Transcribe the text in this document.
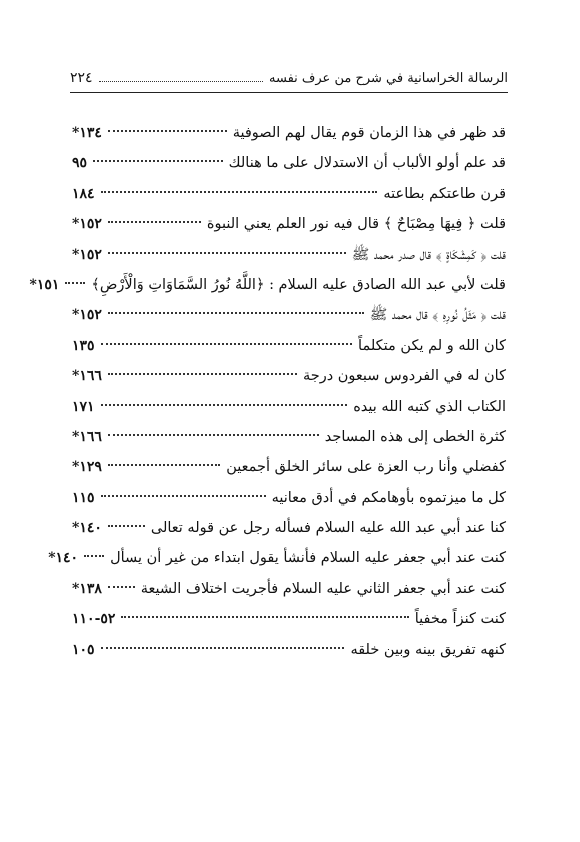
الرسالة الخراسانية في شرح من عرف نفسه
٢٢٤
قد ظهر في هذا الزمان قوم يقال لهم الصوفية
١٣٤*
قد علم أولو الألباب أن الاستدلال على ما هنالك
٩٥
قرن طاعتكم بطاعته
١٨٤
قلت ﴿ فِيهَا مِصْبَاحٌ ﴾ قال فيه نور العلم يعني النبوة
١٥٢*
قلت ﴿ كَمِشْكَاةٍ ﴾ قال صدر محمد ﷺ
١٥٢*
قلت لأبي عبد الله الصادق عليه السلام : ﴿اللَّهُ نُورُ السَّمَاوَاتِ وَالْأَرْضِ﴾
١٥١*
قلت ﴿ مَثَلُ نُورِهِ ﴾ قال محمد ﷺ
١٥٢*
كان الله و لم يكن متكلماً
١٣٥
كان له في الفردوس سبعون درجة
١٦٦*
الكتاب الذي كتبه الله بيده
١٧١
كثرة الخطى إلى هذه المساجد
١٦٦*
كفضلي وأنا رب العزة على سائر الخلق أجمعين
١٢٩*
كل ما ميزتموه بأوهامكم في أدق معانيه
١١٥
كنا عند أبي عبد الله عليه السلام فسأله رجل عن قوله تعالى
١٤٠*
كنت عند أبي جعفر عليه السلام فأنشأ يقول ابتداء من غير أن يسأل
١٤٠*
كنت عند أبي جعفر الثاني عليه السلام فأجريت اختلاف الشيعة
١٣٨*
كنت كنزاً مخفياً
٥٢-١١٠
كنهه تفريق بينه وبين خلقه
١٠٥
